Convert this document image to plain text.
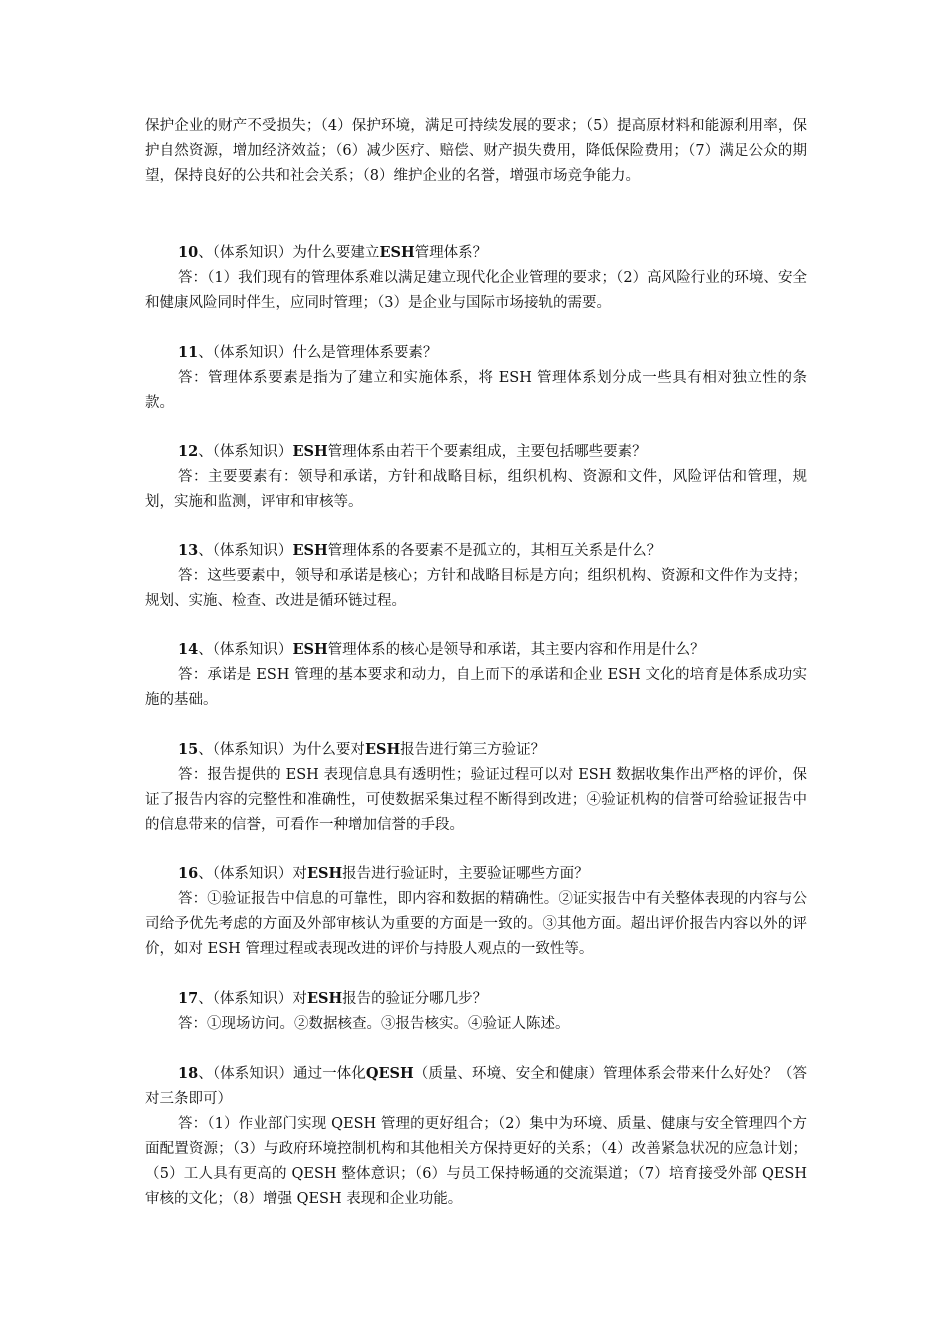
保护企业的财产不受损失；（4）保护环境，满足可持续发展的要求；（5）提高原材料和能源利用率，保护自然资源，增加经济效益；（6）减少医疗、赔偿、财产损失费用，降低保险费用；（7）满足公众的期望，保持良好的公共和社会关系；（8）维护企业的名誉，增强市场竞争能力。
10、（体系知识）为什么要建立ESH管理体系？
答：（1）我们现有的管理体系难以满足建立现代化企业管理的要求；（2）高风险行业的环境、安全和健康风险同时伴生，应同时管理；（3）是企业与国际市场接轨的需要。
11、（体系知识）什么是管理体系要素？
答：管理体系要素是指为了建立和实施体系，将 ESH 管理体系划分成一些具有相对独立性的条款。
12、（体系知识）ESH管理体系由若干个要素组成，主要包括哪些要素？
答：主要要素有：领导和承诺，方针和战略目标，组织机构、资源和文件，风险评估和管理，规划，实施和监测，评审和审核等。
13、（体系知识）ESH管理体系的各要素不是孤立的，其相互关系是什么？
答：这些要素中，领导和承诺是核心；方针和战略目标是方向；组织机构、资源和文件作为支持；规划、实施、检查、改进是循环链过程。
14、（体系知识）ESH管理体系的核心是领导和承诺，其主要内容和作用是什么？
答：承诺是 ESH 管理的基本要求和动力，自上而下的承诺和企业 ESH 文化的培育是体系成功实施的基础。
15、（体系知识）为什么要对ESH报告进行第三方验证？
答：报告提供的 ESH 表现信息具有透明性；验证过程可以对 ESH 数据收集作出严格的评价，保证了报告内容的完整性和准确性，可使数据采集过程不断得到改进；④验证机构的信誉可给验证报告中的信息带来的信誉，可看作一种增加信誉的手段。
16、（体系知识）对ESH报告进行验证时，主要验证哪些方面？
答：①验证报告中信息的可靠性，即内容和数据的精确性。②证实报告中有关整体表现的内容与公司给予优先考虑的方面及外部审核认为重要的方面是一致的。③其他方面。超出评价报告内容以外的评价，如对 ESH 管理过程或表现改进的评价与持股人观点的一致性等。
17、（体系知识）对ESH报告的验证分哪几步？
答：①现场访问。②数据核查。③报告核实。④验证人陈述。
18、（体系知识）通过一体化QESH（质量、环境、安全和健康）管理体系会带来什么好处？（答对三条即可）
答：（1）作业部门实现 QESH 管理的更好组合；（2）集中为环境、质量、健康与安全管理四个方面配置资源；（3）与政府环境控制机构和其他相关方保持更好的关系；（4）改善紧急状况的应急计划；（5）工人具有更高的 QESH 整体意识；（6）与员工保持畅通的交流渠道；（7）培育接受外部 QESH 审核的文化；（8）增强 QESH 表现和企业功能。
